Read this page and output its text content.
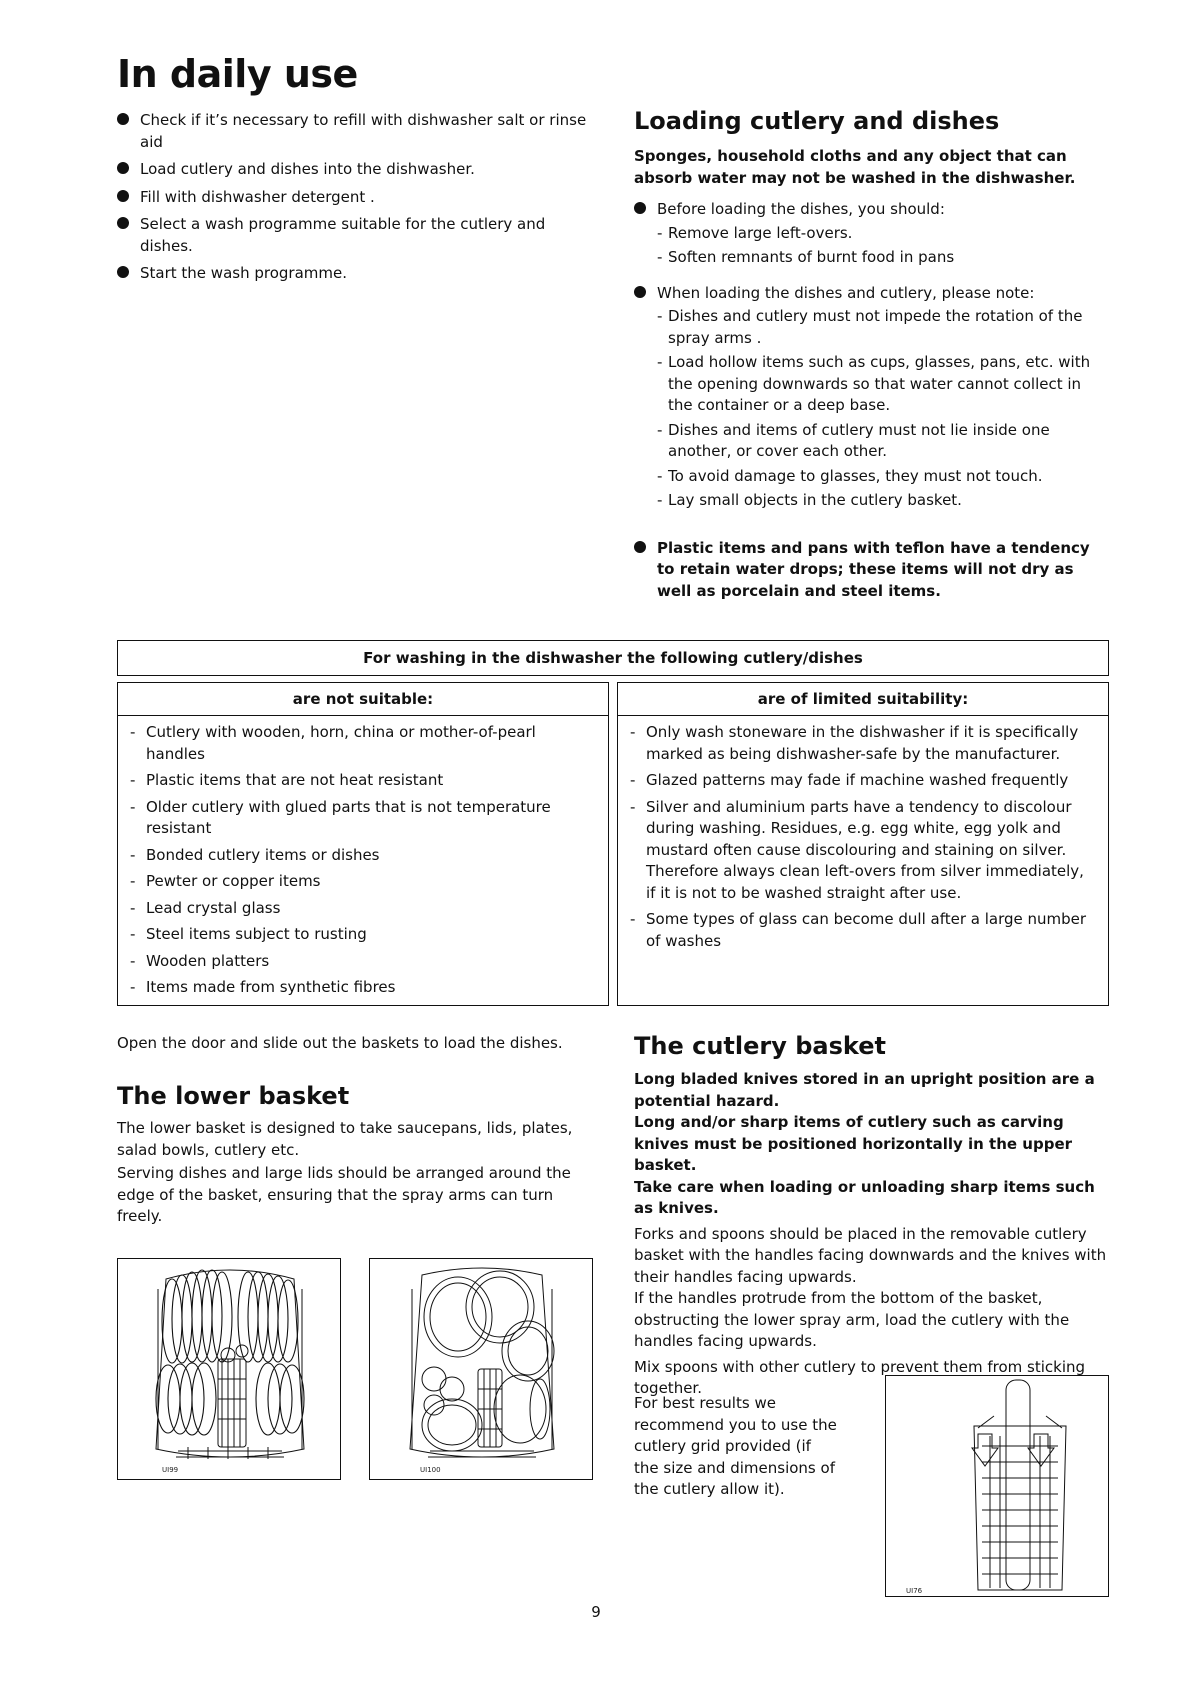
In daily use
Check if it’s necessary to refill with dishwasher salt or rinse aid
Load cutlery and dishes into the dishwasher.
Fill with dishwasher detergent .
Select a wash programme suitable for the cutlery and dishes.
Start the wash programme.
Loading cutlery and dishes

Sponges, household cloths and any object that can absorb water may not be washed in the dishwasher.

Before loading the dishes, you should:
- Remove large left-overs.
- Soften remnants of burnt food in pans
When loading the dishes and cutlery, please note:
- Dishes and cutlery must not impede the rotation of the spray arms .
- Load hollow items such as cups, glasses, pans, etc. with the opening downwards so that water cannot collect in the container or a deep base.
- Dishes and items of cutlery must not lie inside one another, or cover each other.
- To avoid damage to glasses, they must not touch.
- Lay small objects in the cutlery basket.
Plastic items and pans with teflon have a tendency to retain water drops; these items will not dry as well as porcelain and steel items.
For washing in the dishwasher the following cutlery/dishes
are not suitable:
- Cutlery with wooden, horn, china or mother-of-pearl handles
- Plastic items that are not heat resistant
- Older cutlery with glued parts that is not temperature resistant
- Bonded cutlery items or dishes
- Pewter or copper items
- Lead crystal glass
- Steel items subject to rusting
- Wooden platters
- Items made from synthetic fibres
are of limited suitability:
- Only wash stoneware in the dishwasher if it is specifically marked as being dishwasher-safe by the manufacturer.
- Glazed patterns may fade if machine washed frequently
- Silver and aluminium parts have a tendency to discolour during washing. Residues, e.g. egg white, egg yolk and mustard often cause discolouring and staining on silver. Therefore always clean left-overs from silver immediately, if it is not to be washed straight after use.
- Some types of glass can become dull after a large number of washes

Open the door and slide out the baskets to load the dishes.

The lower basket

The lower basket is designed to take saucepans, lids, plates, salad bowls, cutlery etc.

Serving dishes and large lids should be arranged around the edge of the basket, ensuring that the spray arms can turn freely.

UI99	UI100
The cutlery basket

Long bladed knives stored in an upright position are a potential hazard.

Long and/or sharp items of cutlery such as carving knives must be positioned horizontally in the upper basket.

Take care when loading or unloading sharp items such as knives.

Forks and spoons should be placed in the removable cutlery basket with the handles facing downwards and the knives with their handles facing upwards.

If the handles protrude from the bottom of the basket, obstructing the lower spray arm, load the cutlery with the handles facing upwards.

Mix spoons with other cutlery to prevent them from sticking together.

For best results we recommend you to use the cutlery grid provided (if the size and dimensions of the cutlery allow it).

UI76
9
